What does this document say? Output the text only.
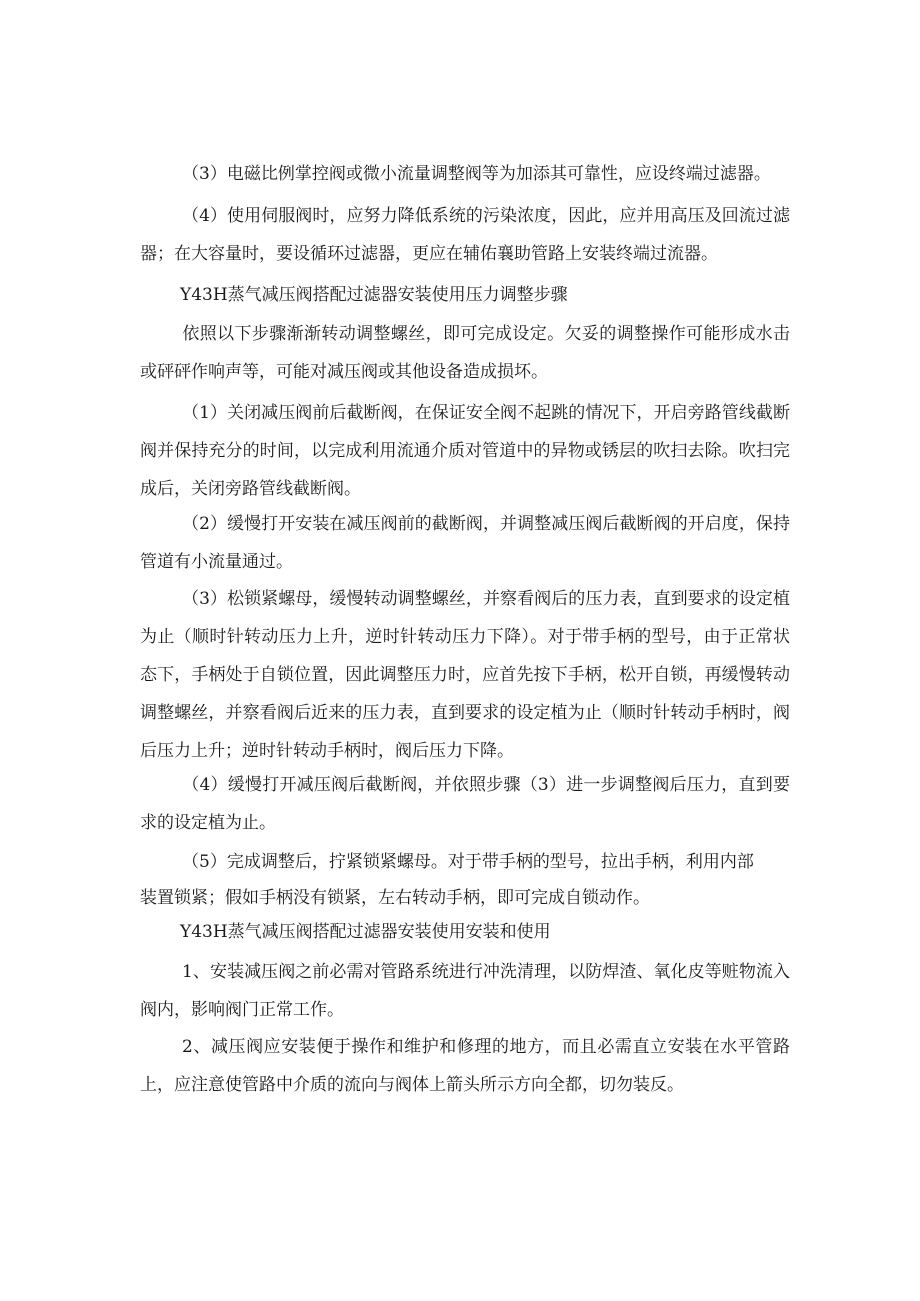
（3）电磁比例掌控阀或微小流量调整阀等为加添其可靠性，应设终端过滤器。

（4）使用伺服阀时，应努力降低系统的污染浓度，因此，应并用高压及回流过滤器；在大容量时，要设循环过滤器，更应在辅佑襄助管路上安装终端过流器。

Y43H蒸气减压阀搭配过滤器安装使用压力调整步骤

依照以下步骤渐渐转动调整螺丝，即可完成设定。欠妥的调整操作可能形成水击或砰砰作响声等，可能对减压阀或其他设备造成损坏。

（1）关闭减压阀前后截断阀，在保证安全阀不起跳的情况下，开启旁路管线截断阀并保持充分的时间，以完成利用流通介质对管道中的异物或锈层的吹扫去除。吹扫完成后，关闭旁路管线截断阀。

（2）缓慢打开安装在减压阀前的截断阀，并调整减压阀后截断阀的开启度，保持管道有小流量通过。

（3）松锁紧螺母，缓慢转动调整螺丝，并察看阀后的压力表，直到要求的设定植为止（顺时针转动压力上升，逆时针转动压力下降）。对于带手柄的型号，由于正常状态下，手柄处于自锁位置，因此调整压力时，应首先按下手柄，松开自锁，再缓慢转动调整螺丝，并察看阀后近来的压力表，直到要求的设定植为止（顺时针转动手柄时，阀后压力上升；逆时针转动手柄时，阀后压力下降。

（4）缓慢打开减压阀后截断阀，并依照步骤（3）进一步调整阀后压力，直到要求的设定植为止。

（5）完成调整后，拧紧锁紧螺母。对于带手柄的型号，拉出手柄，利用内部

装置锁紧；假如手柄没有锁紧，左右转动手柄，即可完成自锁动作。

Y43H蒸气减压阀搭配过滤器安装使用安装和使用

1、安装减压阀之前必需对管路系统进行冲洗清理，以防焊渣、氧化皮等赃物流入阀内，影响阀门正常工作。

2、减压阀应安装便于操作和维护和修理的地方，而且必需直立安装在水平管路上，应注意使管路中介质的流向与阀体上箭头所示方向全都，切勿装反。
